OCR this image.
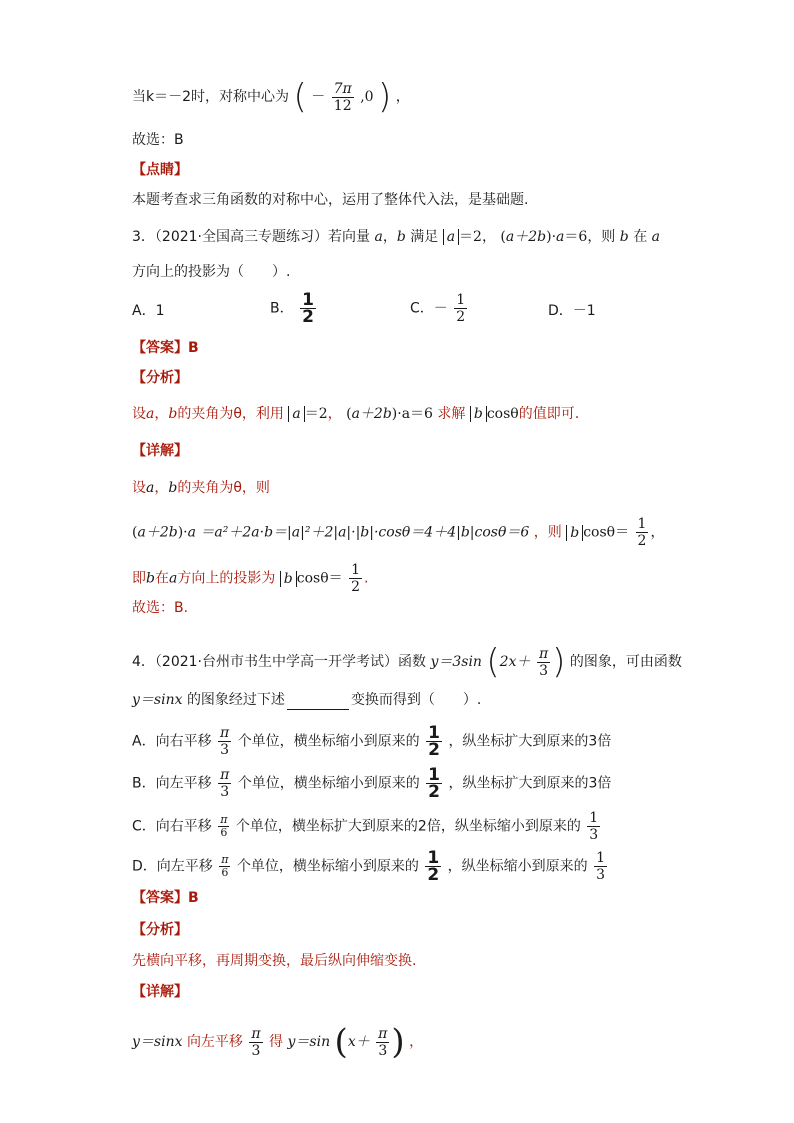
当k＝－2时，对称中心为 ( － $\frac{7\pi}{12} ,0$ ) ，
故选：B
【点睛】
本题考查求三角函数的对称中心，运用了整体代入法，是基础题.
3．（2021·全国高三专题练习）若向量 a，b 满足 a ＝2， (a＋2b)·a＝6，则 b 在 a
方向上的投影为（　　）.
A．1	B． $\frac{1}{2}$	C．－ $\frac{1}{2}$	D．－1
【答案】B
【分析】
设a，b的夹角为θ，利用 a ＝2， (a＋2b)·a＝6 求解 b cosθ的值即可.
【详解】
设a，b的夹角为θ，则
(a＋2b)·a ＝a²＋2a·b＝|a|²＋2|a|·|b|·cosθ＝4＋4|b|cosθ＝6 ，则 b $\cos\theta= \frac{1}{2}$ ，
即b在a方向上的投影为 b $\cos\theta= \frac{1}{2}$ .
故选：B.
4．（2021·台州市书生中学高一开学考试）函数 y＝3sin ($2x+ \frac{\pi}{3}$ ) 的图象，可由函数
y＝sinx 的图象经过下述	变换而得到（　　）.
A．向右平移 $\frac{\pi}{3}$ 个单位，横坐标缩小到原来的 $\frac{1}{2}$ ，纵坐标扩大到原来的3倍
B．向左平移 $\frac{\pi}{3}$ 个单位，横坐标缩小到原来的 $\frac{1}{2}$ ，纵坐标扩大到原来的3倍
C．向右平移 $\frac{\pi}{6}$ 个单位，横坐标扩大到原来的2倍，纵坐标缩小到原来的 $\frac{1}{3}$
D．向左平移 $\frac{\pi}{6}$ 个单位，横坐标缩小到原来的 $\frac{1}{2}$ ，纵坐标缩小到原来的 $\frac{1}{3}$
【答案】B
【分析】
先横向平移，再周期变换，最后纵向伸缩变换.
【详解】
y＝sinx 向左平移 $\frac{\pi}{3}$ 得 y＝sin ($x+ \frac{\pi}{3}$ ) ，
